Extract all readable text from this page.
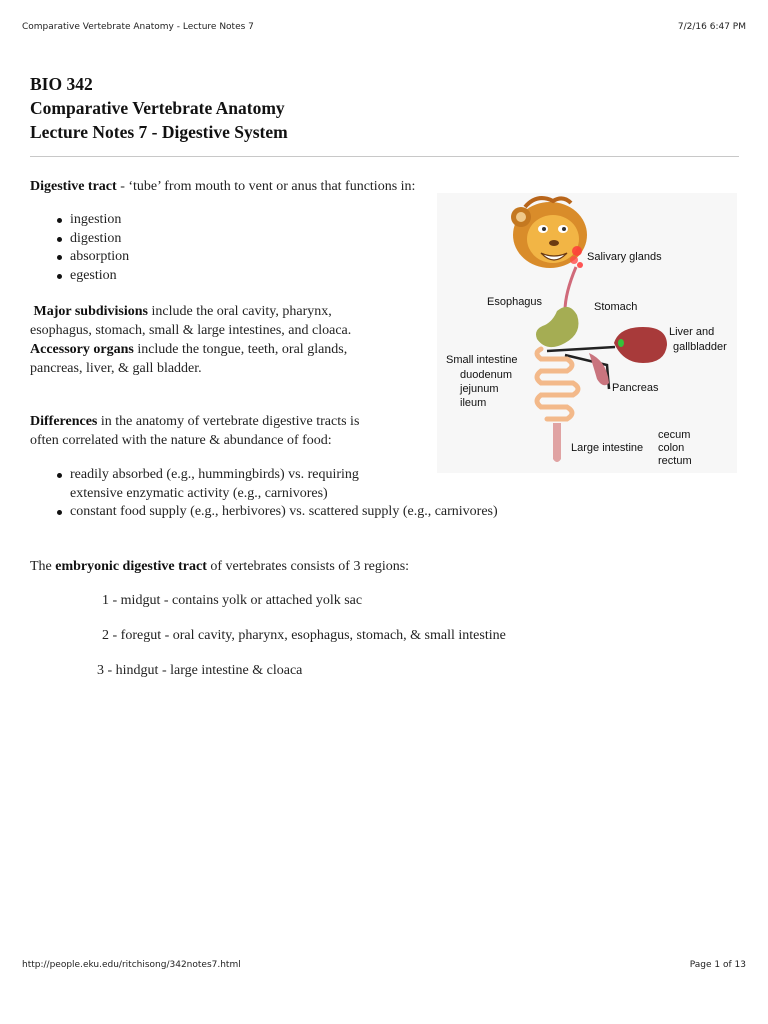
Comparative Vertebrate Anatomy - Lecture Notes 7	7/2/16 6:47 PM
BIO 342
Comparative Vertebrate Anatomy
Lecture Notes 7 - Digestive System
Digestive tract - ‘tube’ from mouth to vent or anus that functions in:
ingestion
digestion
absorption
egestion
Major subdivisions include the oral cavity, pharynx,
esophagus, stomach, small & large intestines, and cloaca.
Accessory organs include the tongue, teeth, oral glands,
pancreas, liver, & gall bladder.
Differences in the anatomy of vertebrate digestive tracts is
often correlated with the nature & abundance of food:
readily absorbed (e.g., hummingbirds) vs. requiring
extensive enzymatic activity (e.g., carnivores)
constant food supply (e.g., herbivores) vs. scattered supply (e.g., carnivores)
The embryonic digestive tract of vertebrates consists of 3 regions:
1 - midgut - contains yolk or attached yolk sac
2 - foregut - oral cavity, pharynx, esophagus, stomach, & small intestine
3 - hindgut - large intestine & cloaca
Salivary glands
Esophagus	Stomach
Liver and
gallbladder
Small intestine
duodenum
jejunum
ileum
Pancreas
Large intestine
cecum
colon
rectum
http://people.eku.edu/ritchisong/342notes7.html	Page 1 of 13
